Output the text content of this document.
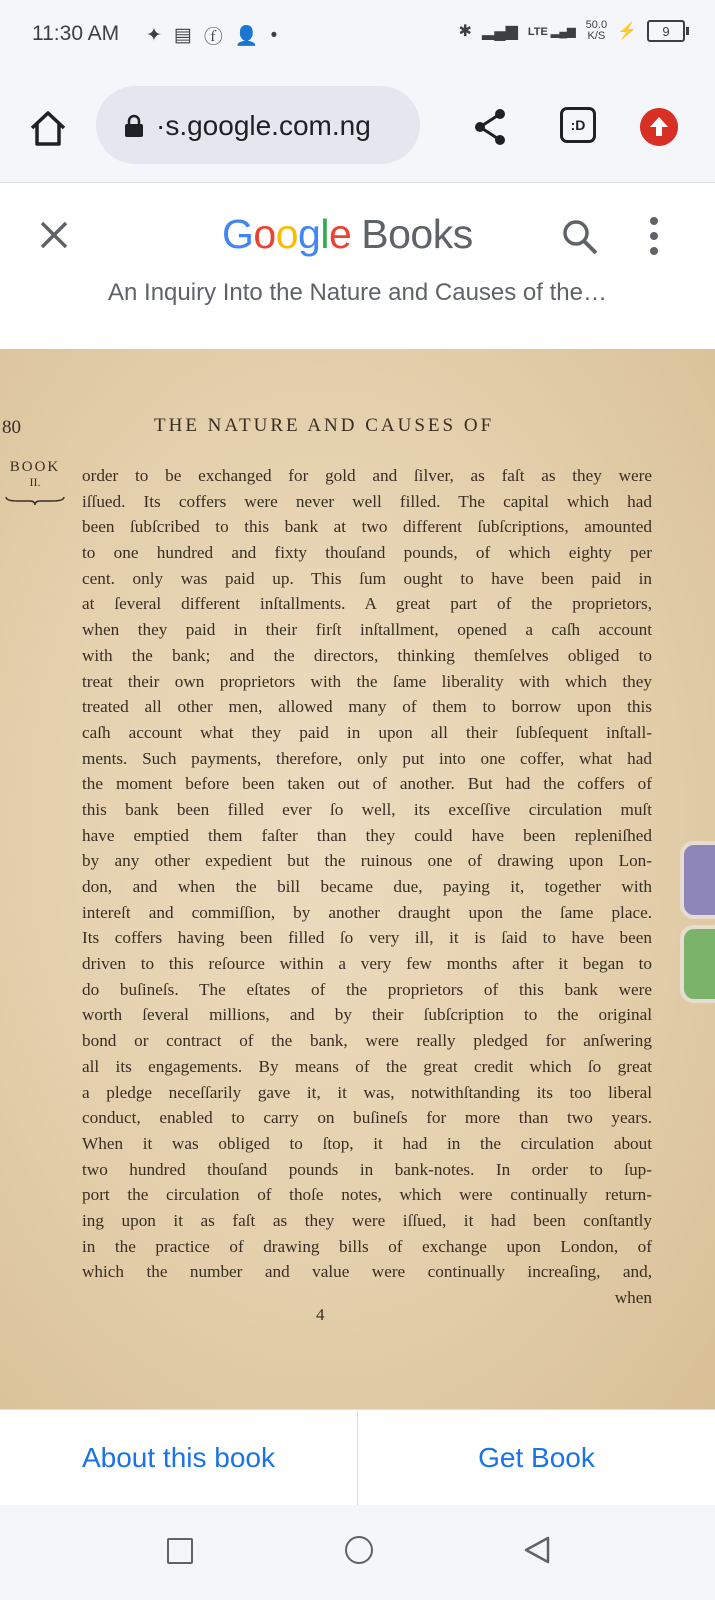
11:30 AM ✦ ▤ ⓕ 👤 •	✱ ▂▄▆ LTE ▂▄▆
50.0
K/S ⚡ 9
·s.google.com.ng	:D
Google Books
An Inquiry Into the Nature and Causes of the…
80	THE NATURE AND CAUSES OF
BOOK
II.	order to be exchanged for gold and ſilver, as faſt as they were
iſſued. Its coffers were never well filled. The capital which had
been ſubſcribed to this bank at two different ſubſcriptions, amounted
to one hundred and fixty thouſand pounds, of which eighty per
cent. only was paid up. This ſum ought to have been paid in
at ſeveral different inſtallments. A great part of the proprietors,
when they paid in their firſt inſtallment, opened a caſh account
with the bank; and the directors, thinking themſelves obliged to
treat their own proprietors with the ſame liberality with which they
treated all other men, allowed many of them to borrow upon this
caſh account what they paid in upon all their ſubſequent inſtall-
ments. Such payments, therefore, only put into one coffer, what had
the moment before been taken out of another. But had the coffers of
this bank been filled ever ſo well, its exceſſive circulation muſt
have emptied them faſter than they could have been repleniſhed
by any other expedient but the ruinous one of drawing upon Lon-
don, and when the bill became due, paying it, together with
intereſt and commiſſion, by another draught upon the ſame place.
Its coffers having been filled ſo very ill, it is ſaid to have been
driven to this reſource within a very few months after it began to
do buſineſs. The eſtates of the proprietors of this bank were
worth ſeveral millions, and by their ſubſcription to the original
bond or contract of the bank, were really pledged for anſwering
all its engagements. By means of the great credit which ſo great
a pledge neceſſarily gave it, it was, notwithſtanding its too liberal
conduct, enabled to carry on buſineſs for more than two years.
When it was obliged to ſtop, it had in the circulation about
two hundred thouſand pounds in bank-notes. In order to ſup-
port the circulation of thoſe notes, which were continually return-
ing upon it as faſt as they were iſſued, it had been conſtantly
in the practice of drawing bills of exchange upon London, of
which the number and value were continually increaſing, and,
when
4
About this book	Get Book
